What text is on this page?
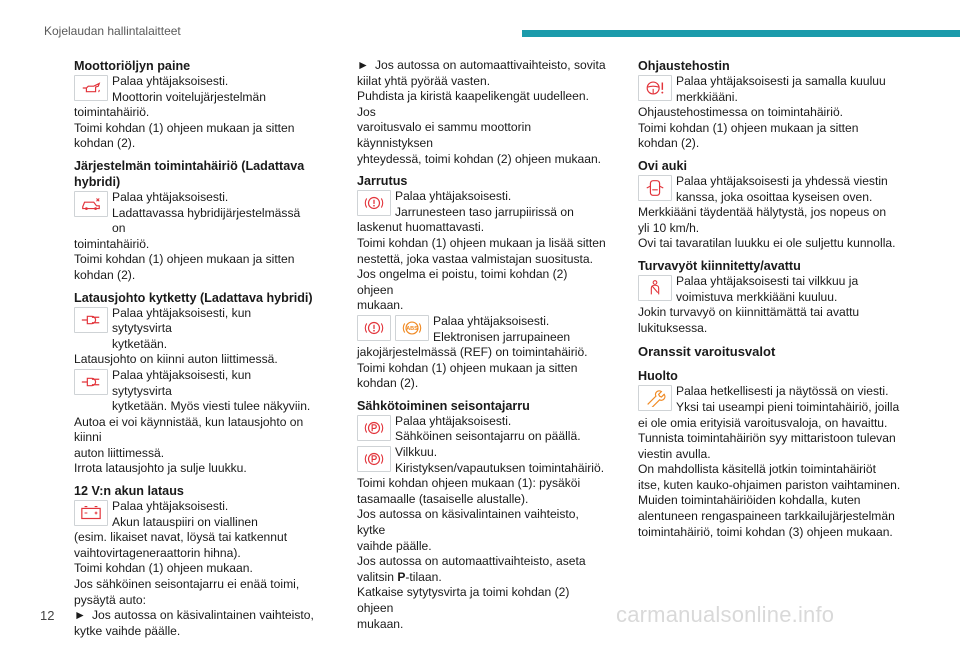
Kojelaudan hallintalaitteet
Moottoriöljyn paine

Palaa yhtäjaksoisesti.

Moottorin voitelujärjestelmän

toimintahäiriö.

Toimi kohdan (1) ohjeen mukaan ja sitten

kohdan (2).

Järjestelmän toimintahäiriö (Ladattava
hybridi)

Palaa yhtäjaksoisesti.

Ladattavassa hybridijärjestelmässä on

toimintahäiriö.

Toimi kohdan (1) ohjeen mukaan ja sitten

kohdan (2).

Latausjohto kytketty (Ladattava hybridi)

Palaa yhtäjaksoisesti, kun sytytysvirta

kytketään.

Latausjohto on kiinni auton liittimessä.

Palaa yhtäjaksoisesti, kun sytytysvirta

kytketään. Myös viesti tulee näkyviin.

Autoa ei voi käynnistää, kun latausjohto on kiinni

auton liittimessä.

Irrota latausjohto ja sulje luukku.

12 V:n akun lataus

Palaa yhtäjaksoisesti.

Akun latauspiiri on viallinen

(esim. likaiset navat, löysä tai katkennut

vaihtovirtageneraattorin hihna).

Toimi kohdan (1) ohjeen mukaan.

Jos sähköinen seisontajarru ei enää toimi,

pysäytä auto:

► Jos autossa on käsivalintainen vaihteisto,

kytke vaihde päälle.

► Jos autossa on automaattivaihteisto, sovita

kiilat yhtä pyörää vasten.

Puhdista ja kiristä kaapelikengät uudelleen. Jos

varoitusvalo ei sammu moottorin käynnistyksen

yhteydessä, toimi kohdan (2) ohjeen mukaan.

Jarrutus

Palaa yhtäjaksoisesti.

Jarrunesteen taso jarrupiirissä on

laskenut huomattavasti.

Toimi kohdan (1) ohjeen mukaan ja lisää sitten

nestettä, joka vastaa valmistajan suositusta.

Jos ongelma ei poistu, toimi kohdan (2) ohjeen

mukaan.

ABS

Palaa yhtäjaksoisesti.

Elektronisen jarrupaineen

jakojärjestelmässä (REF) on toimintahäiriö.

Toimi kohdan (1) ohjeen mukaan ja sitten

kohdan (2).

Sähkötoiminen seisontajarru

Palaa yhtäjaksoisesti.

Sähköinen seisontajarru on päällä.

Vilkkuu.

Kiristyksen/vapautuksen toimintahäiriö.

Toimi kohdan ohjeen mukaan (1): pysäköi

tasamaalle (tasaiselle alustalle).

Jos autossa on käsivalintainen vaihteisto, kytke

vaihde päälle.

Jos autossa on automaattivaihteisto, aseta

valitsin P-tilaan.

Katkaise sytytysvirta ja toimi kohdan (2) ohjeen

mukaan.

Ohjaustehostin

Palaa yhtäjaksoisesti ja samalla kuuluu

merkkiääni.

Ohjaustehostimessa on toimintahäiriö.

Toimi kohdan (1) ohjeen mukaan ja sitten

kohdan (2).

Ovi auki

Palaa yhtäjaksoisesti ja yhdessä viestin

kanssa, joka osoittaa kyseisen oven.

Merkkiääni täydentää hälytystä, jos nopeus on

yli 10 km/h.

Ovi tai tavaratilan luukku ei ole suljettu kunnolla.

Turvavyöt kiinnitetty/avattu

Palaa yhtäjaksoisesti tai vilkkuu ja

voimistuva merkkiääni kuuluu.

Jokin turvavyö on kiinnittämättä tai avattu

lukituksessa.

Oranssit varoitusvalot
Huolto

Palaa hetkellisesti ja näytössä on viesti.

Yksi tai useampi pieni toimintahäiriö, joilla

ei ole omia erityisiä varoitusvaloja, on havaittu.

Tunnista toimintahäiriön syy mittaristoon tulevan

viestin avulla.

On mahdollista käsitellä jotkin toimintahäiriöt

itse, kuten kauko-ohjaimen pariston vaihtaminen.

Muiden toimintahäiriöiden kohdalla, kuten

alentuneen rengaspaineen tarkkailujärjestelmän

toimintahäiriö, toimi kohdan (3) ohjeen mukaan.

12	carmanualsonline.info
